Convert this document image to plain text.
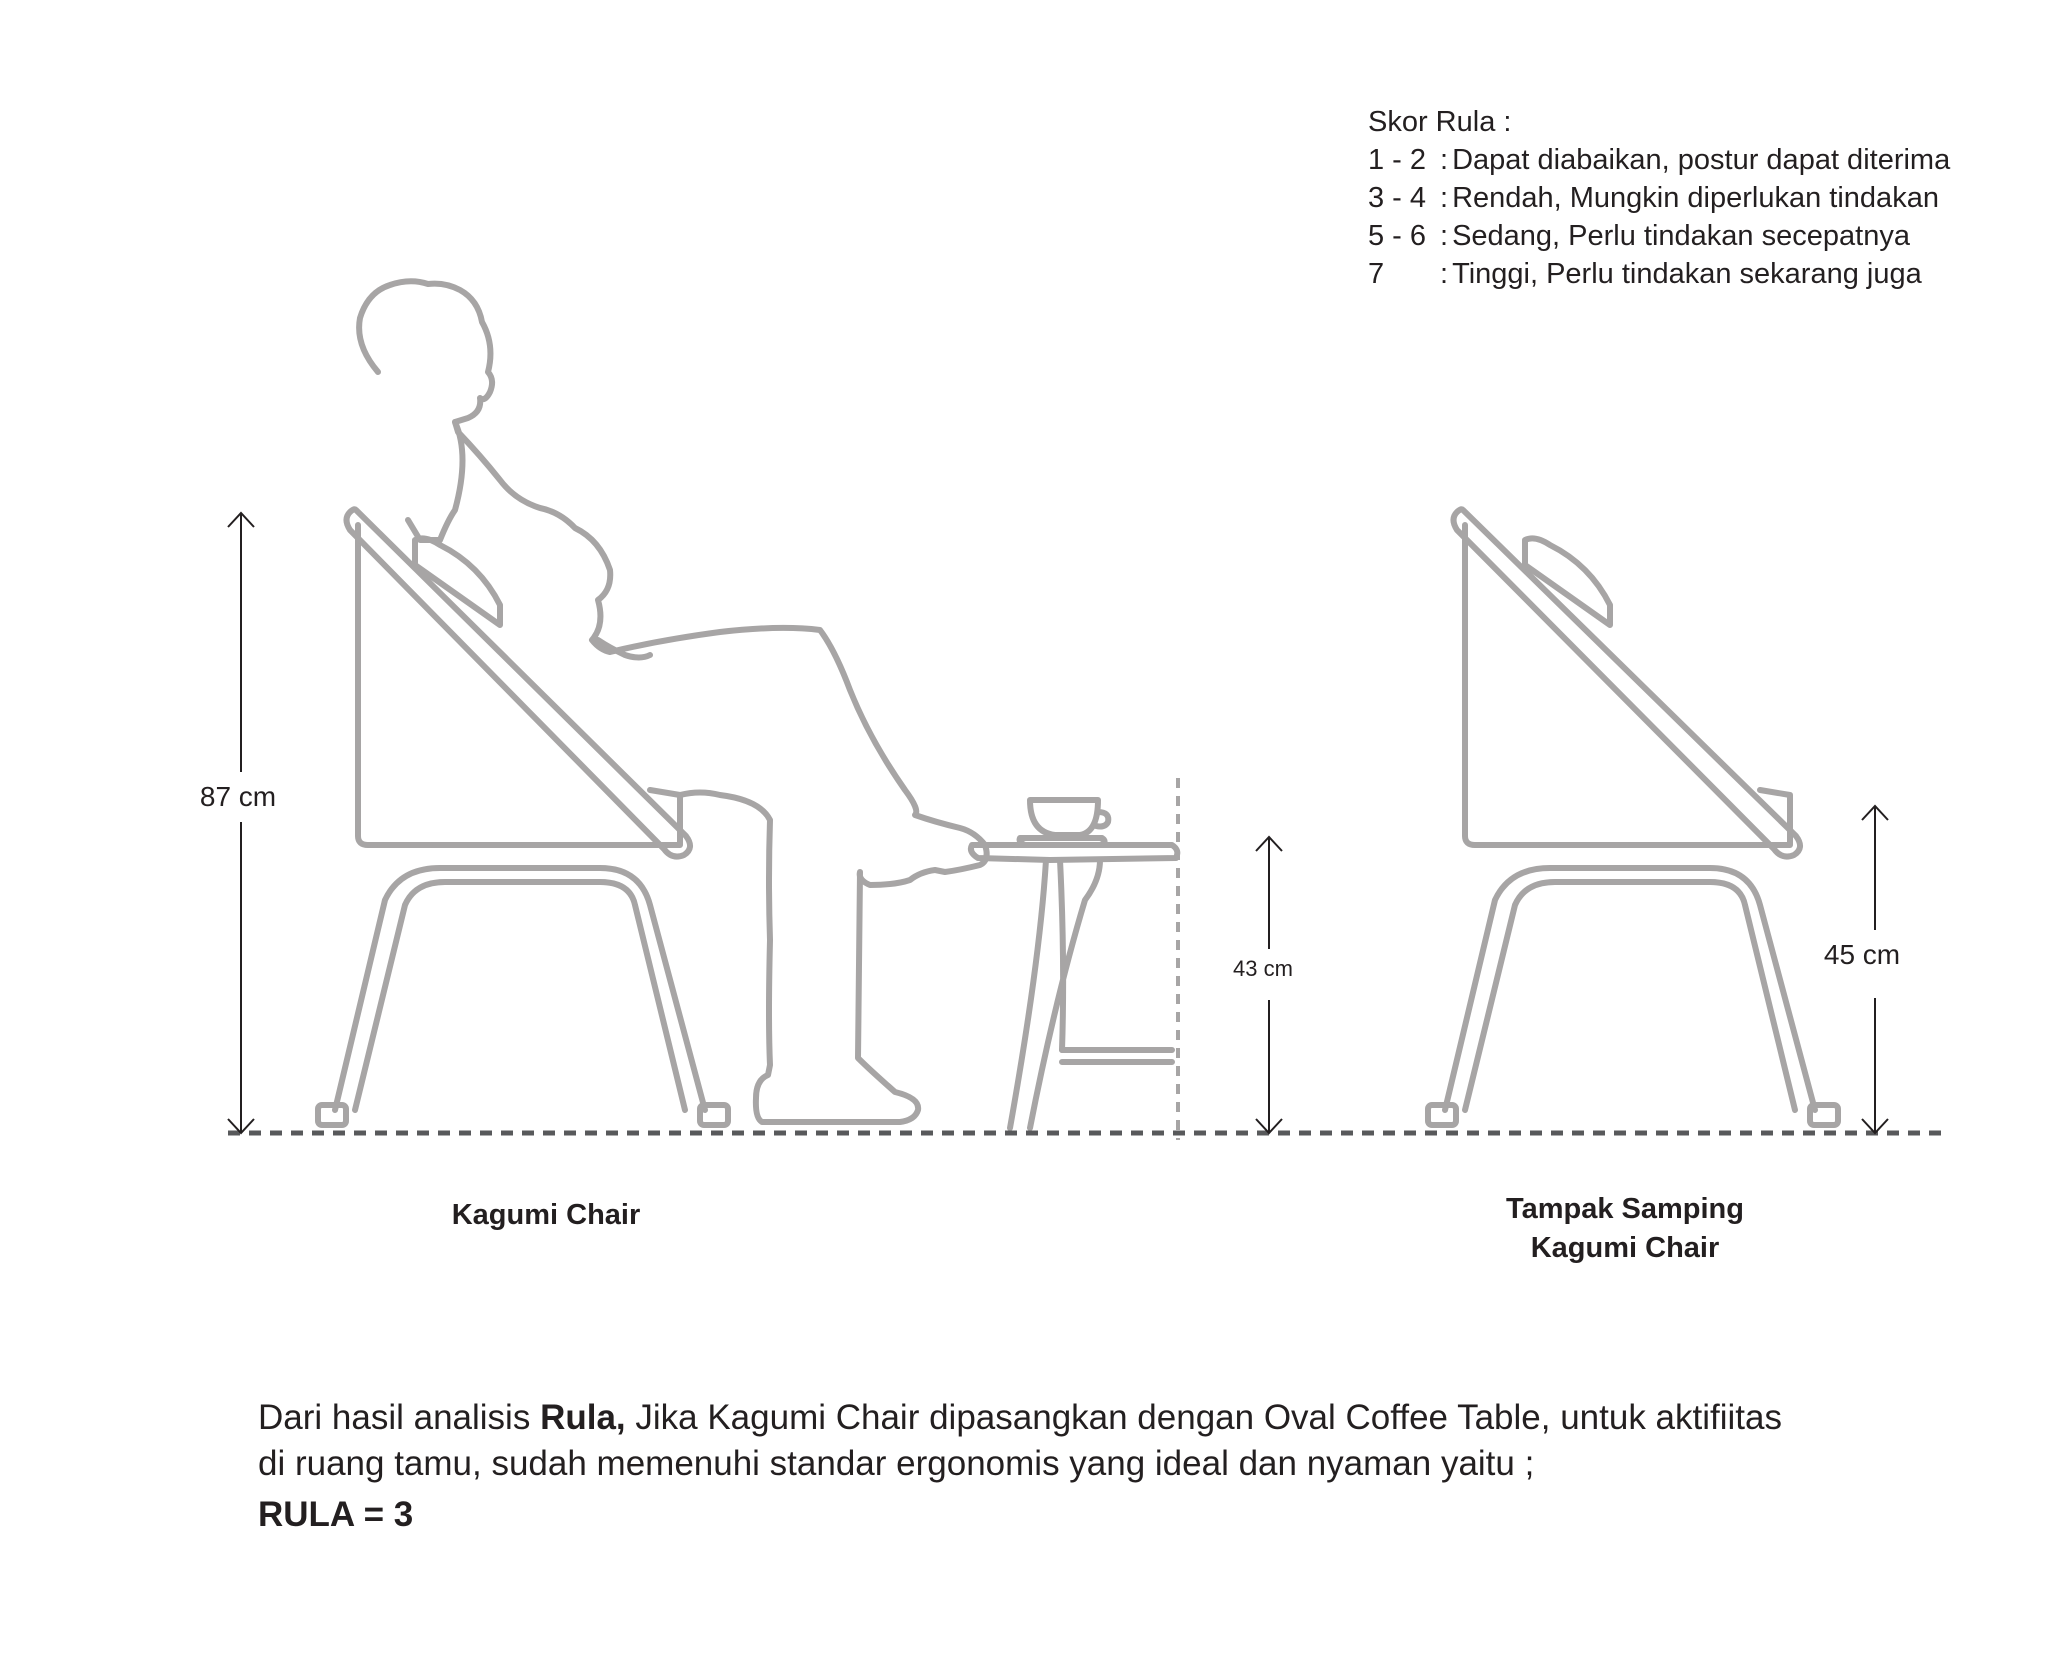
Skor Rula :
1 - 2 : Dapat diabaikan, postur dapat diterima
3 - 4 : Rendah, Mungkin diperlukan tindakan
5 - 6 : Sedang, Perlu tindakan secepatnya
7 : Tinggi, Perlu tindakan sekarang juga
87 cm
43 cm	45 cm
Kagumi Chair	Tampak Samping
Kagumi Chair

Dari hasil analisis Rula, Jika Kagumi Chair dipasangkan dengan Oval Coffee Table, untuk aktifiitas

di ruang tamu, sudah memenuhi standar ergonomis yang ideal dan nyaman yaitu ;

RULA = 3
